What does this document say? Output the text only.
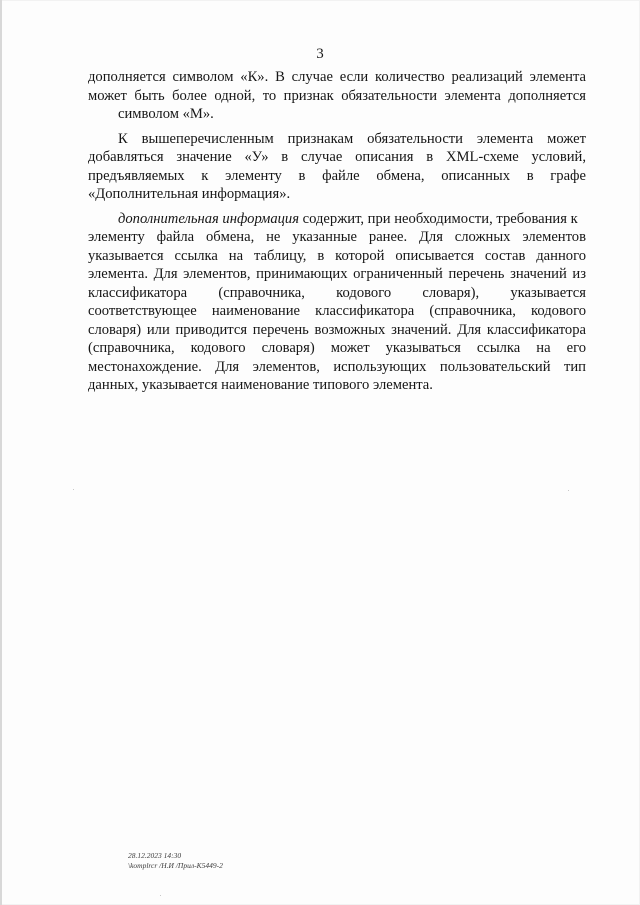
3
дополняется символом «К». В случае если количество реализаций элемента
может быть более одной, то признак обязательности элемента дополняется
символом «М».
К вышеперечисленным признакам обязательности элемента может
добавляться значение «У» в случае описания в XML-схеме условий,
предъявляемых к элементу в файле обмена, описанных в графе
«Дополнительная информация».
дополнительная информация содержит, при необходимости, требования к
элементу файла обмена, не указанные ранее. Для сложных элементов
указывается ссылка на таблицу, в которой описывается состав данного
элемента. Для элементов, принимающих ограниченный перечень значений из
классификатора (справочника, кодового словаря), указывается
соответствующее наименование классификатора (справочника, кодового
словаря) или приводится перечень возможных значений. Для классификатора
(справочника, кодового словаря) может указываться ссылка на его
местонахождение. Для элементов, использующих пользовательский тип
данных, указывается наименование типового элемента.
28.12.2023 14:30
\komplrcr /Н.И /Прил-К5449-2
